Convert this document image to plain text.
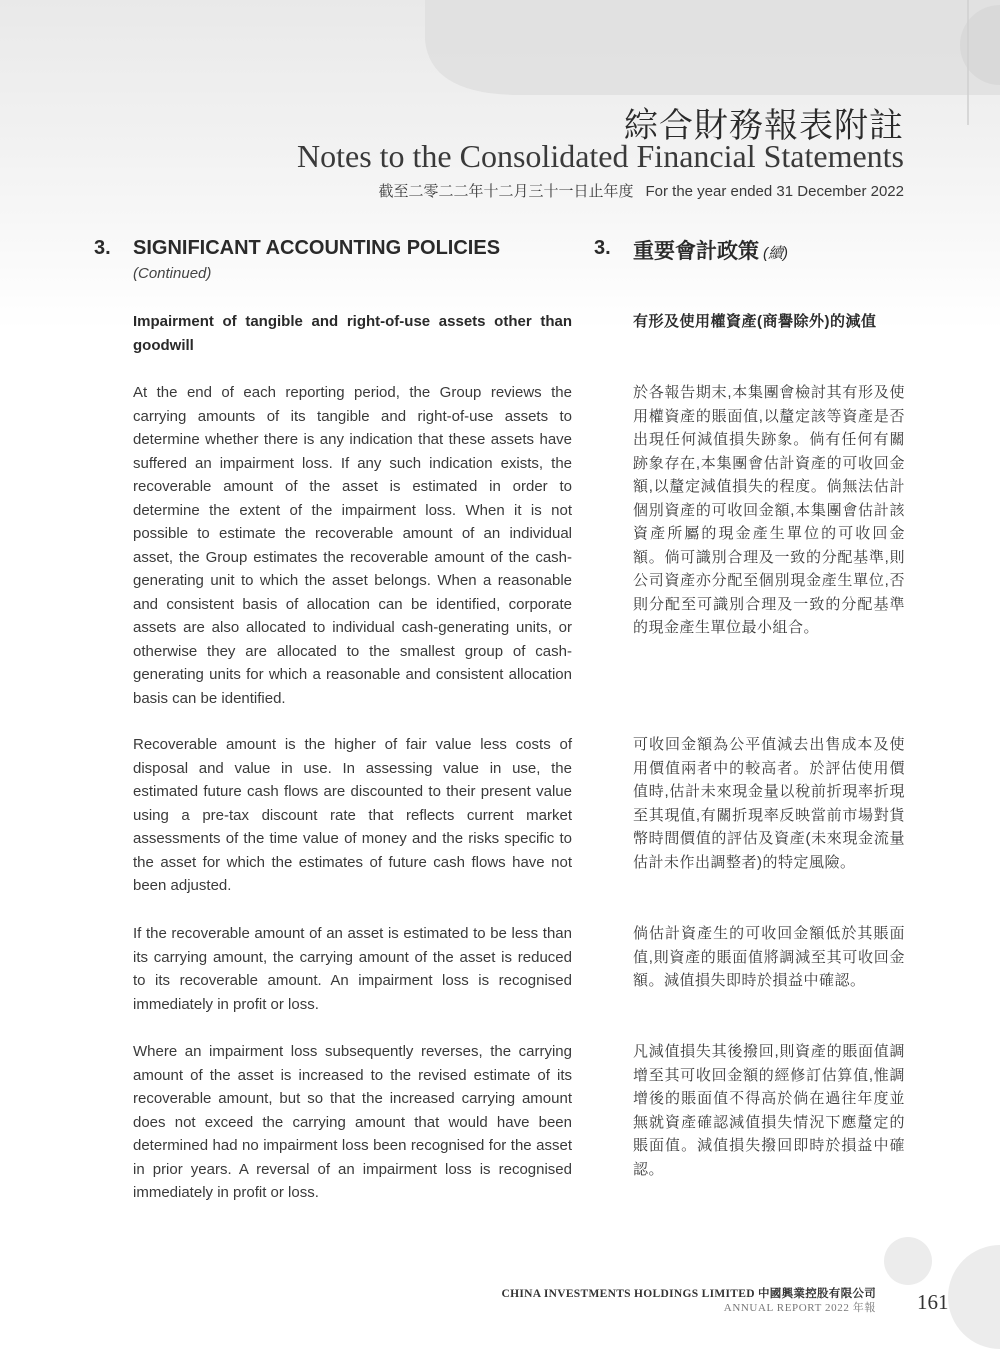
綜合財務報表附註
Notes to the Consolidated Financial Statements
截至二零二二年十二月三十一日止年度 For the year ended 31 December 2022
3. SIGNIFICANT ACCOUNTING POLICIES
(Continued)
3. 重要會計政策 (續)
Impairment of tangible and right-of-use assets other than goodwill
有形及使用權資產(商譽除外)的減值
At the end of each reporting period, the Group reviews the carrying amounts of its tangible and right-of-use assets to determine whether there is any indication that these assets have suffered an impairment loss. If any such indication exists, the recoverable amount of the asset is estimated in order to determine the extent of the impairment loss. When it is not possible to estimate the recoverable amount of an individual asset, the Group estimates the recoverable amount of the cash-generating unit to which the asset belongs. When a reasonable and consistent basis of allocation can be identified, corporate assets are also allocated to individual cash-generating units, or otherwise they are allocated to the smallest group of cash-generating units for which a reasonable and consistent allocation basis can be identified.
Recoverable amount is the higher of fair value less costs of disposal and value in use. In assessing value in use, the estimated future cash flows are discounted to their present value using a pre-tax discount rate that reflects current market assessments of the time value of money and the risks specific to the asset for which the estimates of future cash flows have not been adjusted.
If the recoverable amount of an asset is estimated to be less than its carrying amount, the carrying amount of the asset is reduced to its recoverable amount. An impairment loss is recognised immediately in profit or loss.
Where an impairment loss subsequently reverses, the carrying amount of the asset is increased to the revised estimate of its recoverable amount, but so that the increased carrying amount does not exceed the carrying amount that would have been determined had no impairment loss been recognised for the asset in prior years. A reversal of an impairment loss is recognised immediately in profit or loss.
於各報告期末,本集團會檢討其有形及使用權資產的賬面值,以釐定該等資產是否出現任何減值損失跡象。倘有任何有關跡象存在,本集團會估計資產的可收回金額,以釐定減值損失的程度。倘無法估計個別資產的可收回金額,本集團會估計該資產所屬的現金產生單位的可收回金額。倘可識別合理及一致的分配基準,則公司資產亦分配至個別現金產生單位,否則分配至可識別合理及一致的分配基準的現金產生單位最小組合。
可收回金額為公平值減去出售成本及使用價值兩者中的較高者。於評估使用價值時,估計未來現金量以稅前折現率折現至其現值,有關折現率反映當前市場對貨幣時間價值的評估及資產(未來現金流量估計未作出調整者)的特定風險。
倘估計資產生的可收回金額低於其賬面值,則資產的賬面值將調減至其可收回金額。減值損失即時於損益中確認。
凡減值損失其後撥回,則資產的賬面值調增至其可收回金額的經修訂估算值,惟調增後的賬面值不得高於倘在過往年度並無就資產確認減值損失情況下應釐定的賬面值。減值損失撥回即時於損益中確認。
CHINA INVESTMENTS HOLDINGS LIMITED 中國興業控股有限公司
ANNUAL REPORT 2022 年報 161
